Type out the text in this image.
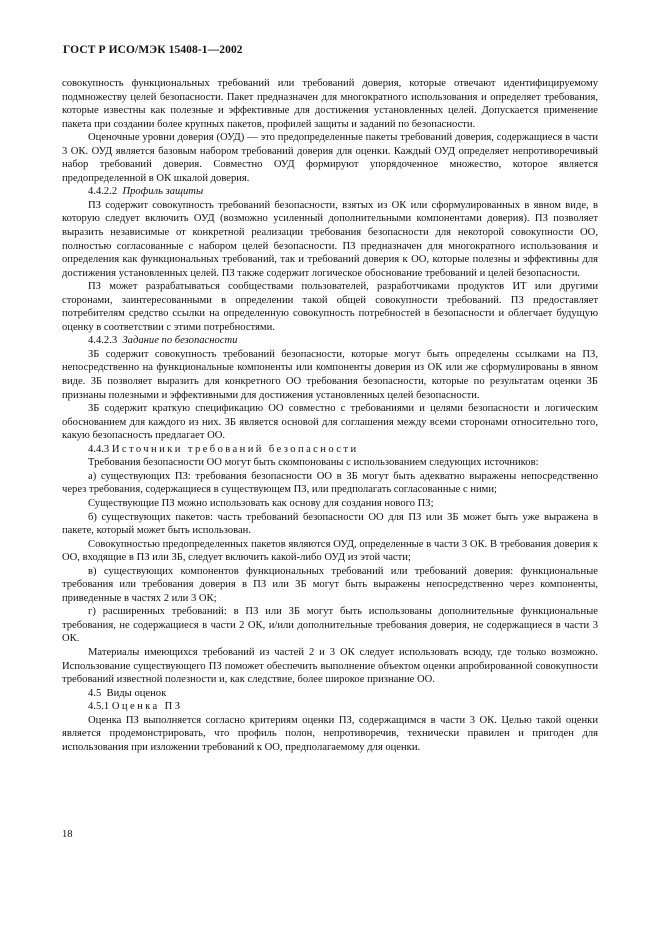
ГОСТ Р ИСО/МЭК 15408-1—2002

совокупность функциональных требований или требований доверия, которые отвечают идентифицируемому подмножеству целей безопасности. Пакет предназначен для многократного использования и определяет требования, которые известны как полезные и эффективные для достижения установленных целей. Допускается применение пакета при создании более крупных пакетов, профилей защиты и заданий по безопасности.

Оценочные уровни доверия (ОУД) — это предопределенные пакеты требований доверия, содержащиеся в части 3 ОК. ОУД является базовым набором требований доверия для оценки. Каждый ОУД определяет непротиворечивый набор требований доверия. Совместно ОУД формируют упорядоченное множество, которое является предопределенной в ОК шкалой доверия.

4.4.2.2 Профиль защиты

ПЗ содержит совокупность требований безопасности, взятых из ОК или сформулированных в явном виде, в которую следует включить ОУД (возможно усиленный дополнительными компонентами доверия). ПЗ позволяет выразить независимые от конкретной реализации требования безопасности для некоторой совокупности ОО, полностью согласованные с набором целей безопасности. ПЗ предназначен для многократного использования и определения как функциональных требований, так и требований доверия к ОО, которые полезны и эффективны для достижения установленных целей. ПЗ также содержит логическое обоснование требований и целей безопасности.

ПЗ может разрабатываться сообществами пользователей, разработчиками продуктов ИТ или другими сторонами, заинтересованными в определении такой общей совокупности требований. ПЗ предоставляет потребителям средство ссылки на определенную совокупность потребностей в безопасности и облегчает будущую оценку в соответствии с этими потребностями.

4.4.2.3 Задание по безопасности

ЗБ содержит совокупность требований безопасности, которые могут быть определены ссылками на ПЗ, непосредственно на функциональные компоненты или компоненты доверия из ОК или же сформулированы в явном виде. ЗБ позволяет выразить для конкретного ОО требования безопасности, которые по результатам оценки ЗБ признаны полезными и эффективными для достижения установленных целей безопасности.

ЗБ содержит краткую спецификацию ОО совместно с требованиями и целями безопасности и логическим обоснованием для каждого из них. ЗБ является основой для соглашения между всеми сторонами относительно того, какую безопасность предлагает ОО.

4.4.3 Источники требований безопасности

Требования безопасности ОО могут быть скомпонованы с использованием следующих источников:

а) существующих ПЗ: требования безопасности ОО в ЗБ могут быть адекватно выражены непосредственно через требования, содержащиеся в существующем ПЗ, или предполагать согласованные с ними;

Существующие ПЗ можно использовать как основу для создания нового ПЗ;

б) существующих пакетов: часть требований безопасности ОО для ПЗ или ЗБ может быть уже выражена в пакете, который может быть использован.

Совокупностью предопределенных пакетов являются ОУД, определенные в части 3 ОК. В требования доверия к ОО, входящие в ПЗ или ЗБ, следует включить какой-либо ОУД из этой части;

в) существующих компонентов функциональных требований или требований доверия: функциональные требования или требования доверия в ПЗ или ЗБ могут быть выражены непосредственно через компоненты, приведенные в частях 2 или 3 ОК;

г) расширенных требований: в ПЗ или ЗБ могут быть использованы дополнительные функциональные требования, не содержащиеся в части 2 ОК, и/или дополнительные требования доверия, не содержащиеся в части 3 ОК.

Материалы имеющихся требований из частей 2 и 3 ОК следует использовать всюду, где только возможно. Использование существующего ПЗ поможет обеспечить выполнение объектом оценки апробированной совокупности требований известной полезности и, как следствие, более широкое признание ОО.

4.5 Виды оценок

4.5.1 Оценка ПЗ

Оценка ПЗ выполняется согласно критериям оценки ПЗ, содержащимся в части 3 ОК. Целью такой оценки является продемонстрировать, что профиль полон, непротиворечив, технически правилен и пригоден для использования при изложении требований к ОО, предполагаемому для оценки.

18
